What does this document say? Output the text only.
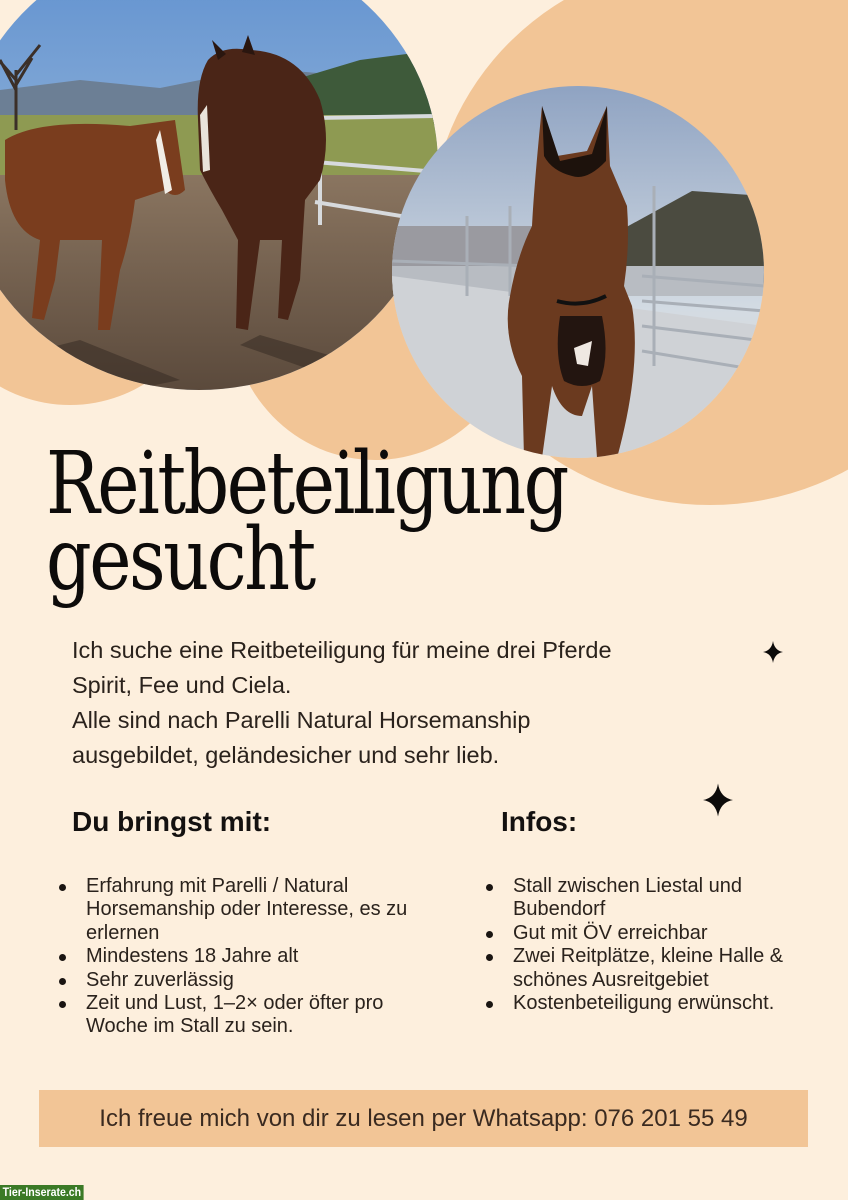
Reitbeteiligung
gesucht
Ich suche eine Reitbeteiligung für meine drei Pferde
Spirit, Fee und Ciela.
Alle sind nach Parelli Natural Horsemanship
ausgebildet, geländesicher und sehr lieb.
Du bringst mit:
Erfahrung mit Parelli / Natural Horsemanship oder Interesse, es zu erlernen
Mindestens 18 Jahre alt
Sehr zuverlässig
Zeit und Lust, 1–2× oder öfter pro Woche im Stall zu sein.
Infos:
Stall zwischen Liestal und Bubendorf
Gut mit ÖV erreichbar
Zwei Reitplätze, kleine Halle & schönes Ausreitgebiet
Kostenbeteiligung erwünscht.
Ich freue mich von dir zu lesen per Whatsapp: 076 201 55 49
Tier-Inserate.ch
